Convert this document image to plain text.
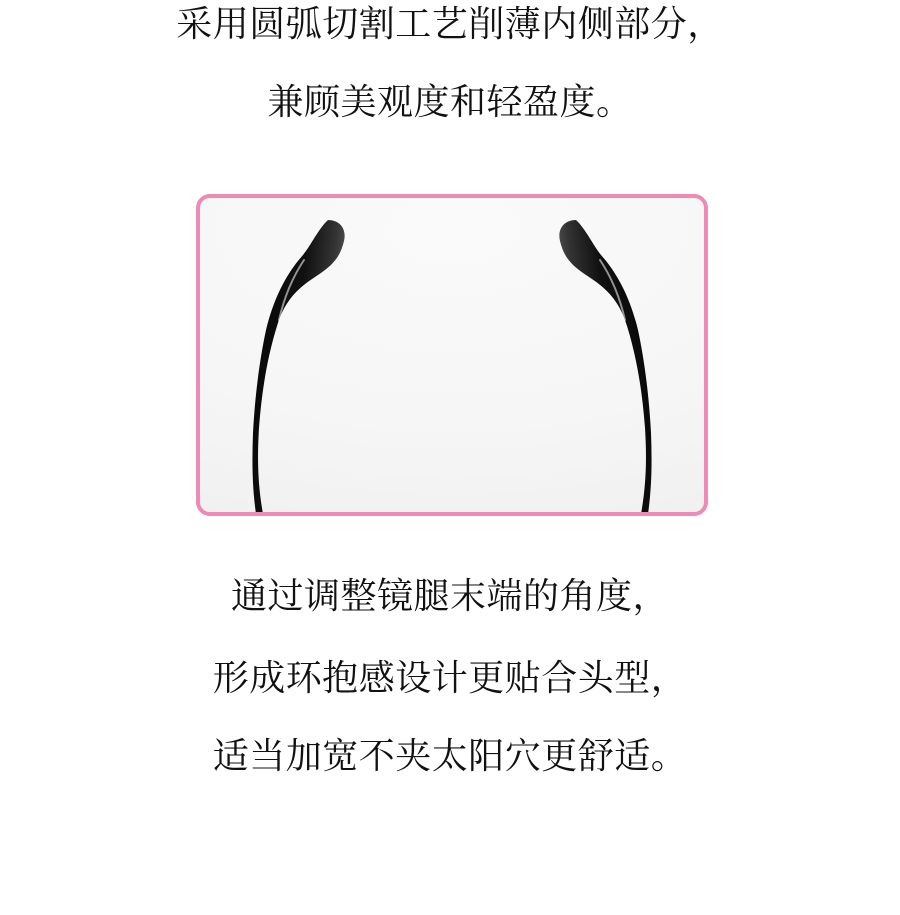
采用圆弧切割工艺削薄内侧部分，

兼顾美观度和轻盈度。

通过调整镜腿末端的角度，

形成环抱感设计更贴合头型，

适当加宽不夹太阳穴更舒适。
